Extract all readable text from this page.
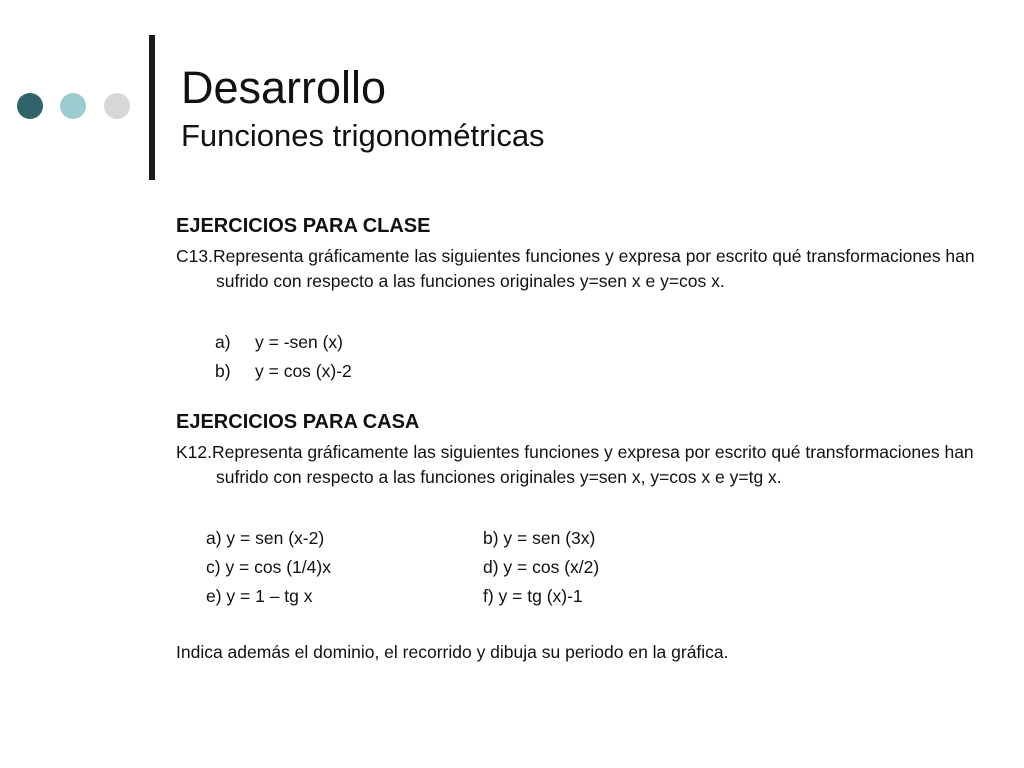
Desarrollo
Funciones trigonométricas
EJERCICIOS PARA CLASE
C13.Representa gráficamente las siguientes funciones y expresa por escrito qué transformaciones han sufrido con respecto a las funciones originales y=sen x e y=cos x.
a) y = -sen (x)
b) y = cos (x)-2
EJERCICIOS PARA CASA
K12.Representa gráficamente las siguientes funciones y expresa por escrito qué transformaciones han sufrido con respecto a las funciones originales y=sen x, y=cos x e y=tg x.
a) y = sen (x-2)	b) y = sen (3x)
c) y = cos (1/4)x	d) y = cos (x/2)
e) y = 1 – tg x	f) y = tg (x)-1
Indica además el dominio, el recorrido y dibuja su periodo en la gráfica.
